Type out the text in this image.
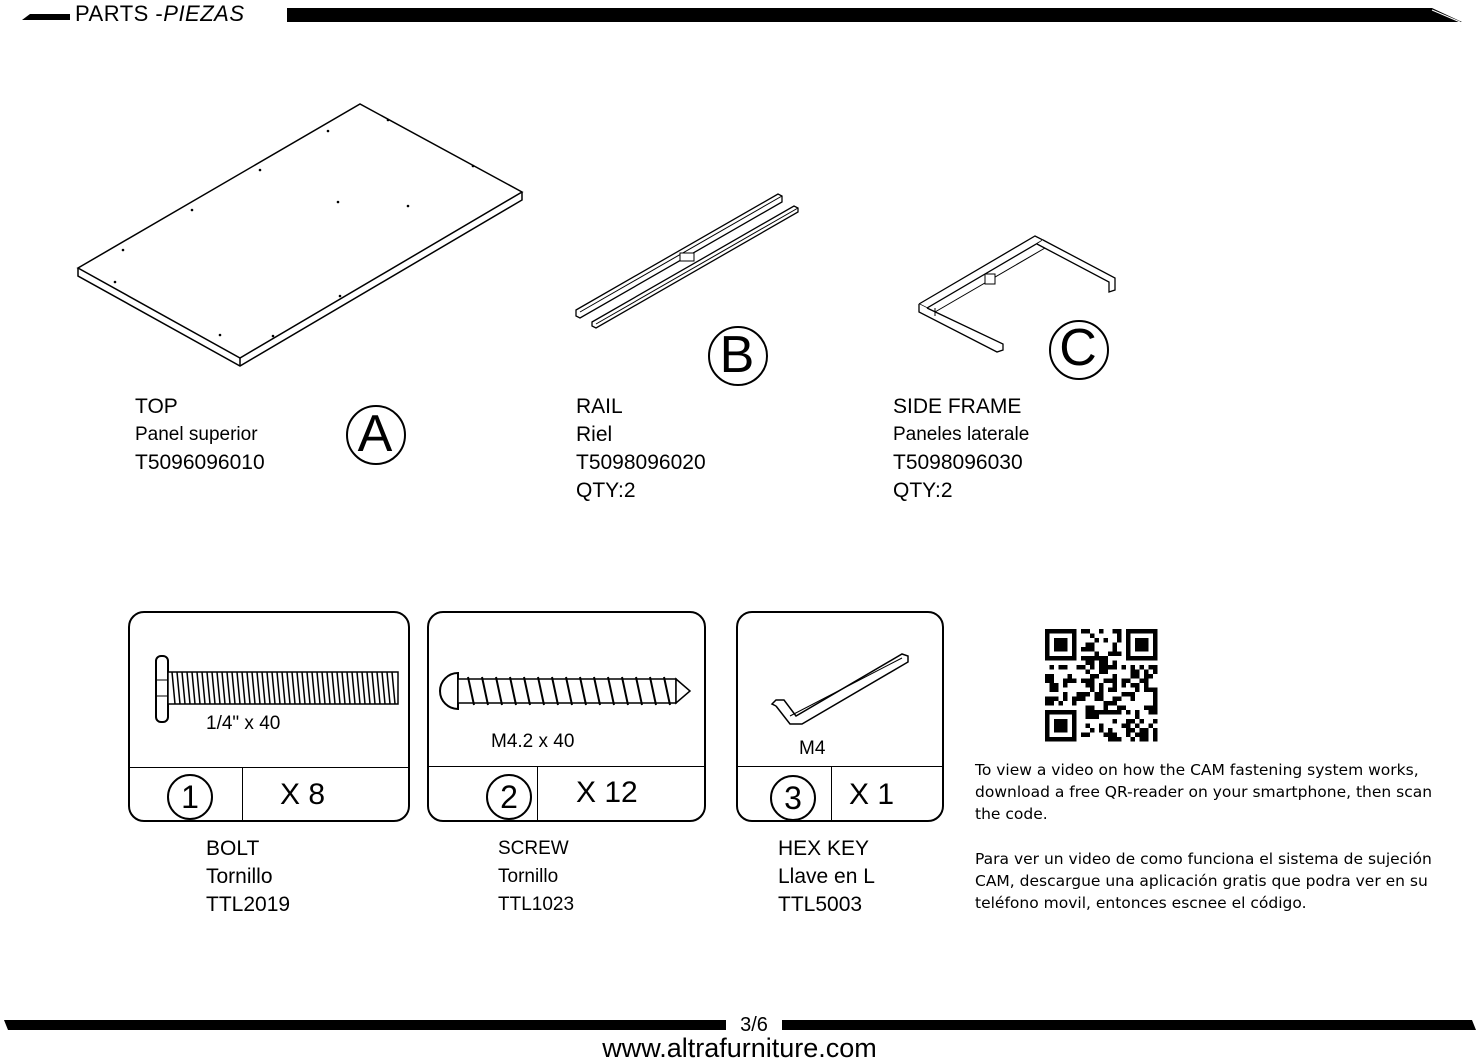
PARTS -PIEZAS
A
B	C
TOP
Panel superior
T5096096010
RAIL
Riel
T5098096020
QTY:2
SIDE FRAME
Paneles laterale
T5098096030
QTY:2
1/4" x 40
1	X 8
M4.2 x 40
2	X 12
M4
3	X 1
BOLT
Tornillo
TTL2019
SCREW
Tornillo
TTL1023
HEX KEY
Llave en L
TTL5003
To view a video on how the CAM fastening system works, download a free QR-reader on your smartphone, then scan the code.
Para ver un video de como funciona el sistema de sujeción CAM, descargue una aplicación gratis que podra ver en su teléfono movil, entonces escnee el código.
3/6
www.altrafurniture.com
